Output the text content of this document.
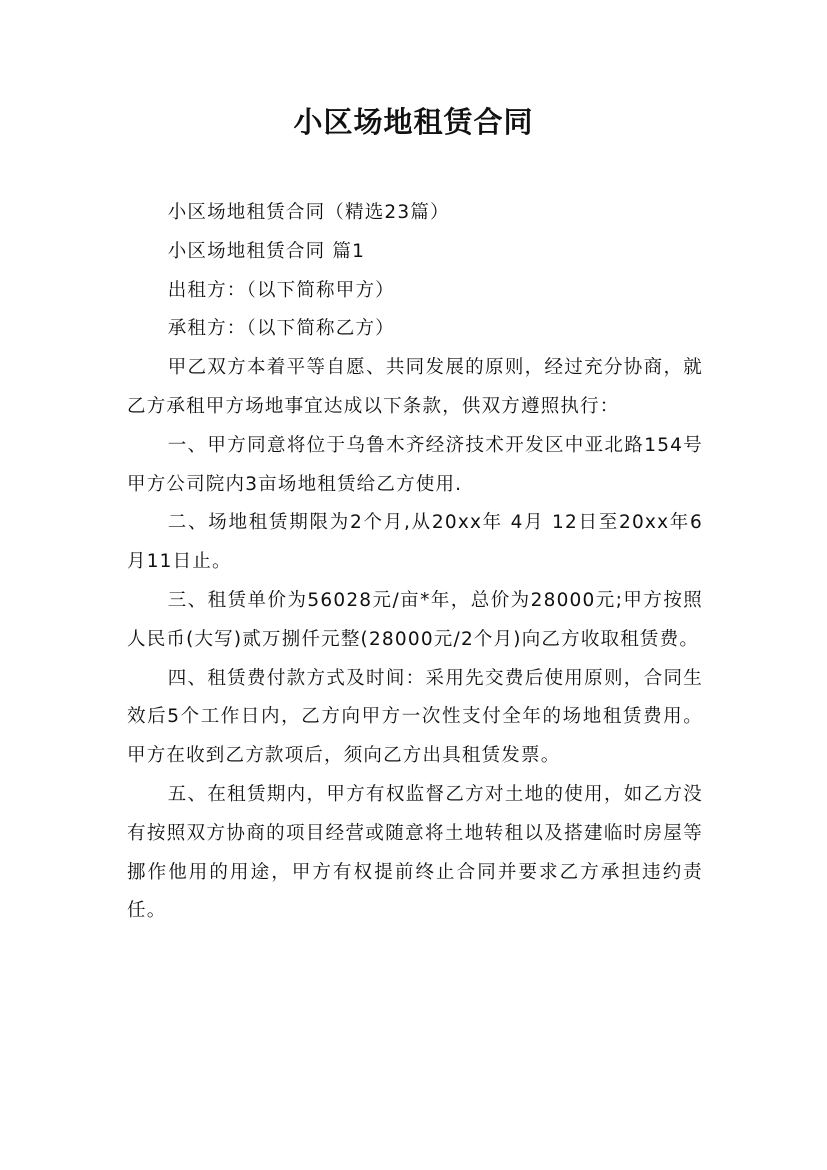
小区场地租赁合同

小区场地租赁合同（精选23篇）

小区场地租赁合同 篇1

出租方：（以下简称甲方）

承租方：（以下简称乙方）

甲乙双方本着平等自愿、共同发展的原则，经过充分协商，就乙方承租甲方场地事宜达成以下条款，供双方遵照执行：

一、甲方同意将位于乌鲁木齐经济技术开发区中亚北路154号甲方公司院内3亩场地租赁给乙方使用.

二、场地租赁期限为2个月,从20xx年 4月 12日至20xx年6月11日止。

三、租赁单价为56028元/亩*年，总价为28000元;甲方按照人民币(大写)贰万捌仟元整(28000元/2个月)向乙方收取租赁费。

四、租赁费付款方式及时间：采用先交费后使用原则，合同生效后5个工作日内，乙方向甲方一次性支付全年的场地租赁费用。甲方在收到乙方款项后，须向乙方出具租赁发票。

五、在租赁期内，甲方有权监督乙方对土地的使用，如乙方没有按照双方协商的项目经营或随意将土地转租以及搭建临时房屋等挪作他用的用途，甲方有权提前终止合同并要求乙方承担违约责任。
